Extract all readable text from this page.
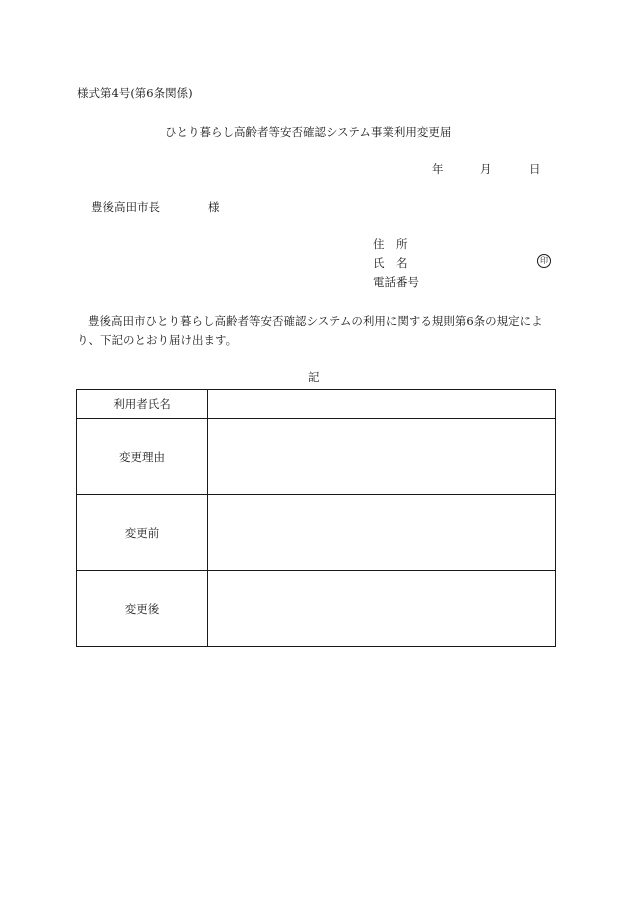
様式第4号(第6条関係)
ひとり暮らし高齢者等安否確認システム事業利用変更届
年	月	日
豊後高田市長	様
住　所
氏　名	印
電話番号
豊後高田市ひとり暮らし高齢者等安否確認システムの利用に関する規則第6条の規定により、下記のとおり届け出ます。
記
利用者氏名	
変更理由	
変更前	
変更後	
